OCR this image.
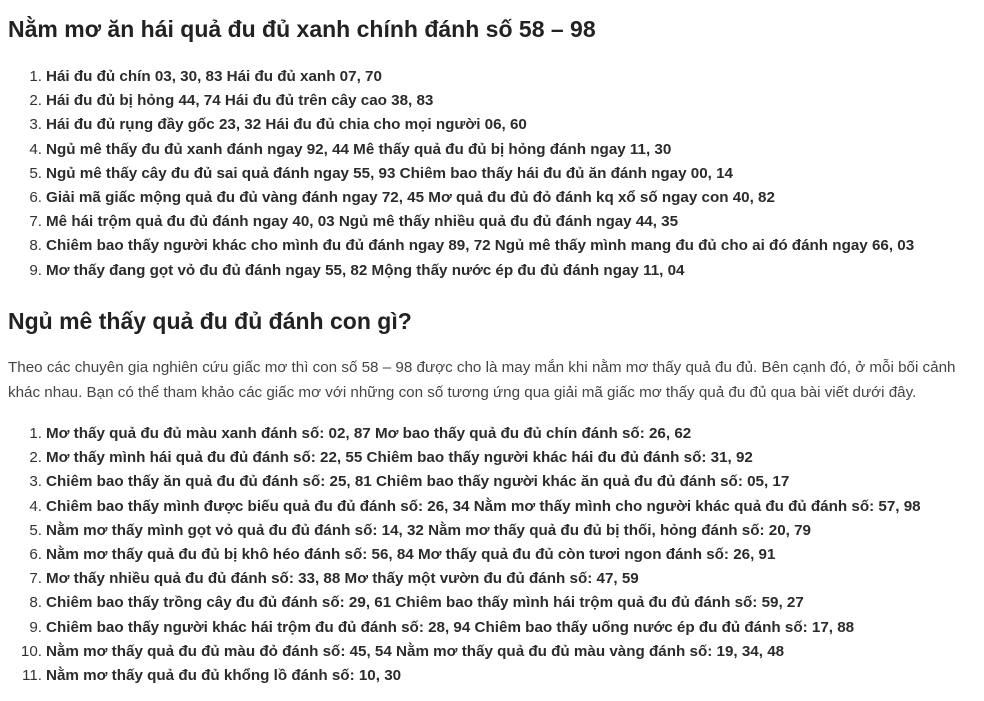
Nằm mơ ăn hái quả đu đủ xanh chính đánh số 58 – 98
1. Hái đu đủ chín 03, 30, 83 Hái đu đủ xanh 07, 70
2. Hái đu đủ bị hỏng 44, 74 Hái đu đủ trên cây cao 38, 83
3. Hái đu đủ rụng đầy gốc 23, 32 Hái đu đủ chia cho mọi người 06, 60
4. Ngủ mê thấy đu đủ xanh đánh ngay 92, 44 Mê thấy quả đu đủ bị hỏng đánh ngay 11, 30
5. Ngủ mê thấy cây đu đủ sai quả đánh ngay 55, 93 Chiêm bao thấy hái đu đủ ăn đánh ngay 00, 14
6. Giải mã giấc mộng quả đu đủ vàng đánh ngay 72, 45 Mơ quả đu đủ đỏ đánh kq xổ số ngay con 40, 82
7. Mê hái trộm quả đu đủ đánh ngay 40, 03 Ngủ mê thấy nhiều quả đu đủ đánh ngay 44, 35
8. Chiêm bao thấy người khác cho mình đu đủ đánh ngay 89, 72 Ngủ mê thấy mình mang đu đủ cho ai đó đánh ngay 66, 03
9. Mơ thấy đang gọt vỏ đu đủ đánh ngay 55, 82 Mộng thấy nước ép đu đủ đánh ngay 11, 04
Ngủ mê thấy quả đu đủ đánh con gì?

Theo các chuyên gia nghiên cứu giấc mơ thì con số 58 – 98 được cho là may mắn khi nằm mơ thấy quả đu đủ. Bên cạnh đó, ở mỗi bối cảnh
khác nhau. Bạn có thể tham khảo các giấc mơ với những con số tương ứng qua giải mã giấc mơ thấy quả đu đủ qua bài viết dưới đây.

1. Mơ thấy quả đu đủ màu xanh đánh số: 02, 87 Mơ bao thấy quả đu đủ chín đánh số: 26, 62
2. Mơ thấy mình hái quả đu đủ đánh số: 22, 55 Chiêm bao thấy người khác hái đu đủ đánh số: 31, 92
3. Chiêm bao thấy ăn quả đu đủ đánh số: 25, 81 Chiêm bao thấy người khác ăn quả đu đủ đánh số: 05, 17
4. Chiêm bao thấy mình được biếu quả đu đủ đánh số: 26, 34 Nằm mơ thấy mình cho người khác quả đu đủ đánh số: 57, 98
5. Nằm mơ thấy mình gọt vỏ quả đu đủ đánh số: 14, 32 Nằm mơ thấy quả đu đủ bị thối, hỏng đánh số: 20, 79
6. Nằm mơ thấy quả đu đủ bị khô héo đánh số: 56, 84 Mơ thấy quả đu đủ còn tươi ngon đánh số: 26, 91
7. Mơ thấy nhiều quả đu đủ đánh số: 33, 88 Mơ thấy một vườn đu đủ đánh số: 47, 59
8. Chiêm bao thấy trồng cây đu đủ đánh số: 29, 61 Chiêm bao thấy mình hái trộm quả đu đủ đánh số: 59, 27
9. Chiêm bao thấy người khác hái trộm đu đủ đánh số: 28, 94 Chiêm bao thấy uống nước ép đu đủ đánh số: 17, 88
10. Nằm mơ thấy quả đu đủ màu đỏ đánh số: 45, 54 Nằm mơ thấy quả đu đủ màu vàng đánh số: 19, 34, 48
11. Nằm mơ thấy quả đu đủ khổng lồ đánh số: 10, 30
